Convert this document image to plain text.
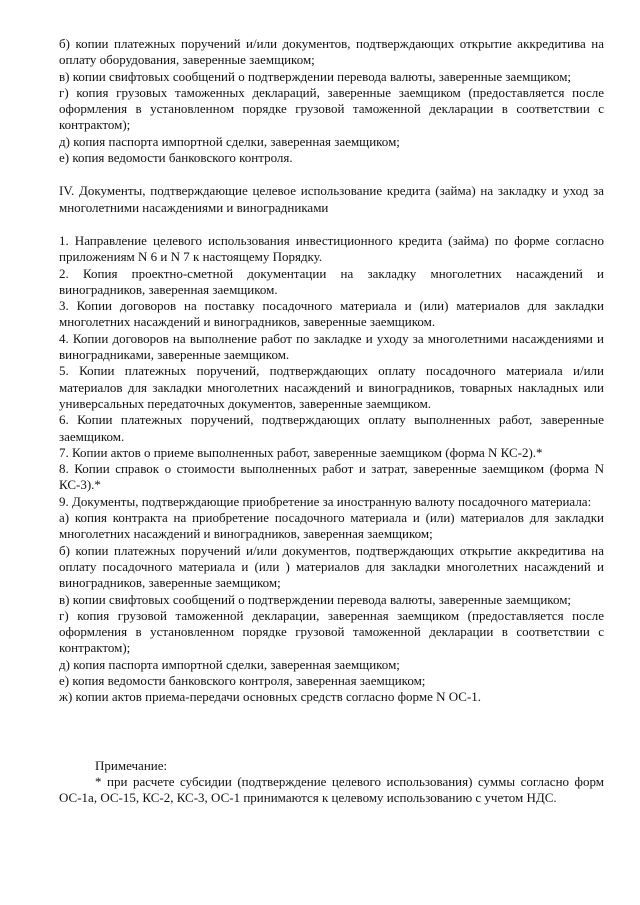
б) копии платежных поручений и/или документов, подтверждающих открытие аккредитива на оплату оборудования, заверенные заемщиком;

в) копии свифтовых сообщений о подтверждении перевода валюты, заверенные заемщиком;

г) копия грузовых таможенных деклараций, заверенные заемщиком (предоставляется после оформления в установленном порядке грузовой таможенной декларации в соответствии с контрактом);

д) копия паспорта импортной сделки, заверенная заемщиком;

е) копия ведомости банковского контроля.

IV. Документы, подтверждающие целевое использование кредита (займа) на закладку и уход за многолетними насаждениями и виноградниками

1. Направление целевого использования инвестиционного кредита (займа) по форме согласно приложениям N 6 и N 7 к настоящему Порядку.

2. Копия проектно-сметной документации на закладку многолетних насаждений и виноградников, заверенная заемщиком.

3. Копии договоров на поставку посадочного материала и (или) материалов для закладки многолетних насаждений и виноградников, заверенные заемщиком.

4. Копии договоров на выполнение работ по закладке и уходу за многолетними насаждениями и виноградниками, заверенные заемщиком.

5. Копии платежных поручений, подтверждающих оплату посадочного материала и/или материалов для закладки многолетних насаждений и виноградников, товарных накладных или универсальных передаточных документов, заверенные заемщиком.

6. Копии платежных поручений, подтверждающих оплату выполненных работ, заверенные заемщиком.

7. Копии актов о приеме выполненных работ, заверенные заемщиком (форма N КС-2).*

8. Копии справок о стоимости выполненных работ и затрат, заверенные заемщиком (форма N КС-3).*

9. Документы, подтверждающие приобретение за иностранную валюту посадочного материала:

а) копия контракта на приобретение посадочного материала и (или) материалов для закладки многолетних насаждений и виноградников, заверенная заемщиком;

б) копии платежных поручений и/или документов, подтверждающих открытие аккредитива на оплату посадочного материала и (или ) материалов для закладки многолетних насаждений и виноградников, заверенные заемщиком;

в) копии свифтовых сообщений о подтверждении перевода валюты, заверенные заемщиком;

г) копия грузовой таможенной декларации, заверенная заемщиком (предоставляется после оформления в установленном порядке грузовой таможенной декларации в соответствии с контрактом);

д) копия паспорта импортной сделки, заверенная заемщиком;

е) копия ведомости банковского контроля, заверенная заемщиком;

ж) копии актов приема-передачи основных средств согласно форме N ОС-1.

Примечание:

* при расчете субсидии (подтверждение целевого использования) суммы согласно форм ОС-1а, ОС-15, КС-2, КС-3, ОС-1 принимаются к целевому использованию с учетом НДС.
